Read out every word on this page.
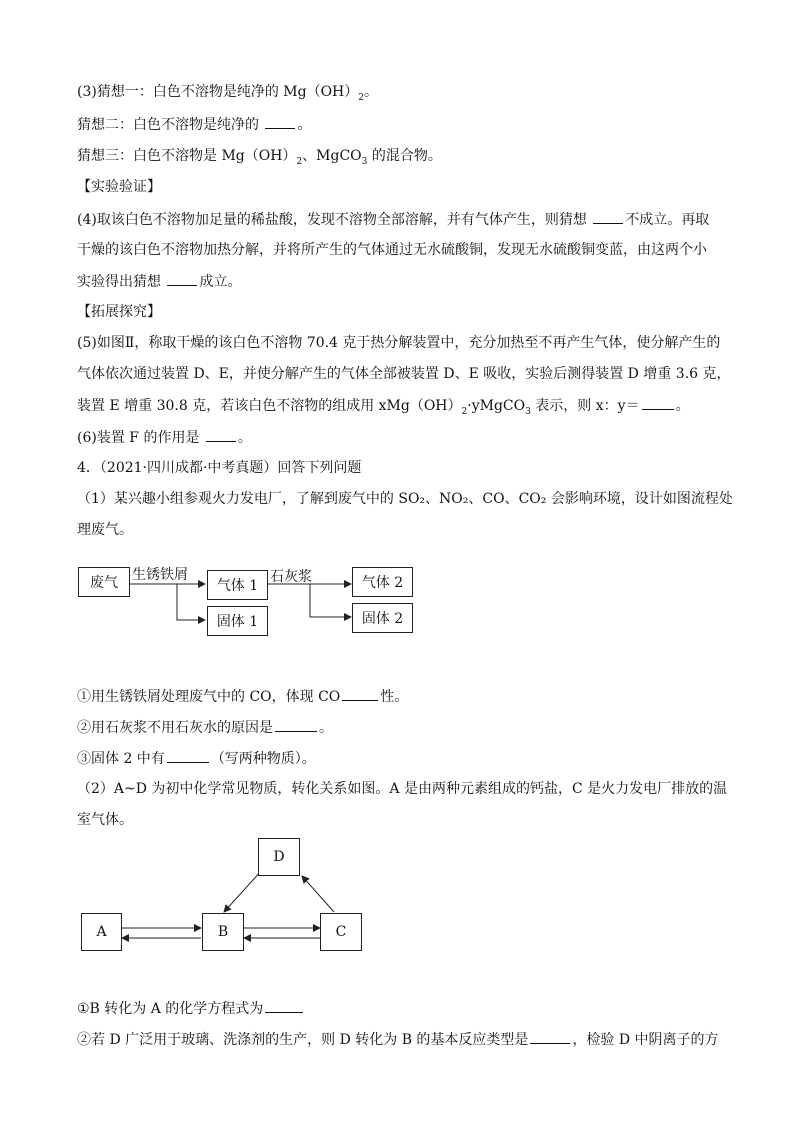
(3)猜想一：白色不溶物是纯净的 $Mg(OH)_2$。
猜想二：白色不溶物是纯净的 。
猜想三：白色不溶物是 $Mg(OH)_2$、MgCO$_3$ 的混合物。
【实验验证】
(4)取该白色不溶物加足量的稀盐酸，发现不溶物全部溶解，并有气体产生，则猜想 不成立。再取
干燥的该白色不溶物加热分解，并将所产生的气体通过无水硫酸铜，发现无水硫酸铜变蓝，由这两个小
实验得出猜想 成立。
【拓展探究】
(5)如图Ⅱ，称取干燥的该白色不溶物 70.4 克于热分解装置中，充分加热至不再产生气体，使分解产生的
气体依次通过装置 D、E，并使分解产生的气体全部被装置 D、E 吸收，实验后测得装置 D 增重 3.6 克，
装置 E 增重 30.8 克，若该白色不溶物的组成用 $xMg(OH)_2\cdot yMgCO_3$ 表示，则 x：y＝	。
(6)装置 F 的作用是 。
4．（2021·四川成都·中考真题）回答下列问题
（1）某兴趣小组参观火力发电厂，了解到废气中的 SO₂、NO₂、CO、CO₂ 会影响环境，设计如图流程处
理废气。
废气	生锈铁屑
气体 1
固体 1
石灰浆	气体 2
固体 2
①用生锈铁屑处理废气中的 CO，体现 CO	性。
②用石灰浆不用石灰水的原因是	。
③固体 2 中有	（写两种物质）。
（2）A~D 为初中化学常见物质，转化关系如图。A 是由两种元素组成的钙盐，C 是火力发电厂排放的温
室气体。
D
A	B	C
①B 转化为 A 的化学方程式为
②若 D 广泛用于玻璃、洗涤剂的生产，则 D 转化为 B 的基本反应类型是	，检验 D 中阴离子的方
